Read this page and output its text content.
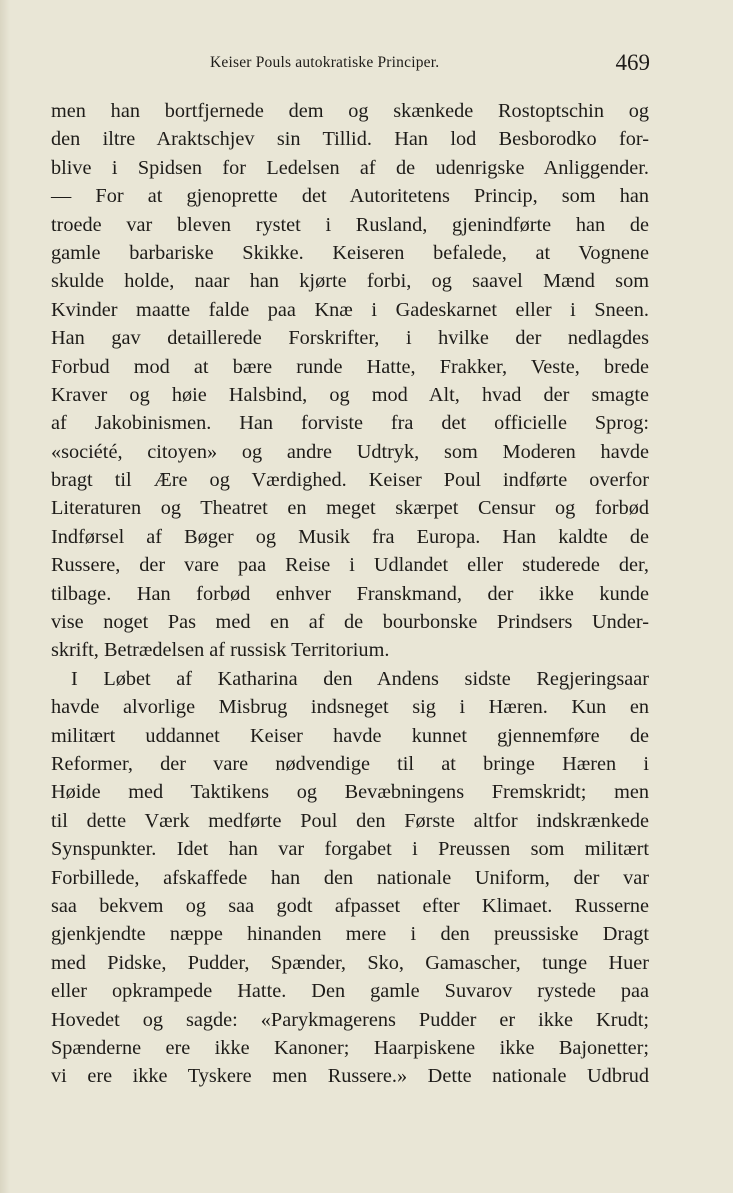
Keiser Pouls autokratiske Principer.	469
men han bortfjernede dem og skænkede Rostoptschin og
den iltre Araktschjev sin Tillid. Han lod Besborodko for-
blive i Spidsen for Ledelsen af de udenrigske Anliggender.
— For at gjenoprette det Autoritetens Princip, som han
troede var bleven rystet i Rusland, gjenindførte han de
gamle barbariske Skikke. Keiseren befalede, at Vognene
skulde holde, naar han kjørte forbi, og saavel Mænd som
Kvinder maatte falde paa Knæ i Gadeskarnet eller i Sneen.
Han gav detaillerede Forskrifter, i hvilke der nedlagdes
Forbud mod at bære runde Hatte, Frakker, Veste, brede
Kraver og høie Halsbind, og mod Alt, hvad der smagte
af Jakobinismen. Han forviste fra det officielle Sprog:
«société, citoyen» og andre Udtryk, som Moderen havde
bragt til Ære og Værdighed. Keiser Poul indførte overfor
Literaturen og Theatret en meget skærpet Censur og forbød
Indførsel af Bøger og Musik fra Europa. Han kaldte de
Russere, der vare paa Reise i Udlandet eller studerede der,
tilbage. Han forbød enhver Franskmand, der ikke kunde
vise noget Pas med en af de bourbonske Prindsers Under-
skrift, Betrædelsen af russisk Territorium.
I Løbet af Katharina den Andens sidste Regjeringsaar
havde alvorlige Misbrug indsneget sig i Hæren. Kun en
militært uddannet Keiser havde kunnet gjennemføre de
Reformer, der vare nødvendige til at bringe Hæren i
Høide med Taktikens og Bevæbningens Fremskridt; men
til dette Værk medførte Poul den Første altfor indskrænkede
Synspunkter. Idet han var forgabet i Preussen som militært
Forbillede, afskaffede han den nationale Uniform, der var
saa bekvem og saa godt afpasset efter Klimaet. Russerne
gjenkjendte næppe hinanden mere i den preussiske Dragt
med Pidske, Pudder, Spænder, Sko, Gamascher, tunge Huer
eller opkrampede Hatte. Den gamle Suvarov rystede paa
Hovedet og sagde: «Parykmagerens Pudder er ikke Krudt;
Spænderne ere ikke Kanoner; Haarpiskene ikke Bajonetter;
vi ere ikke Tyskere men Russere.» Dette nationale Udbrud
